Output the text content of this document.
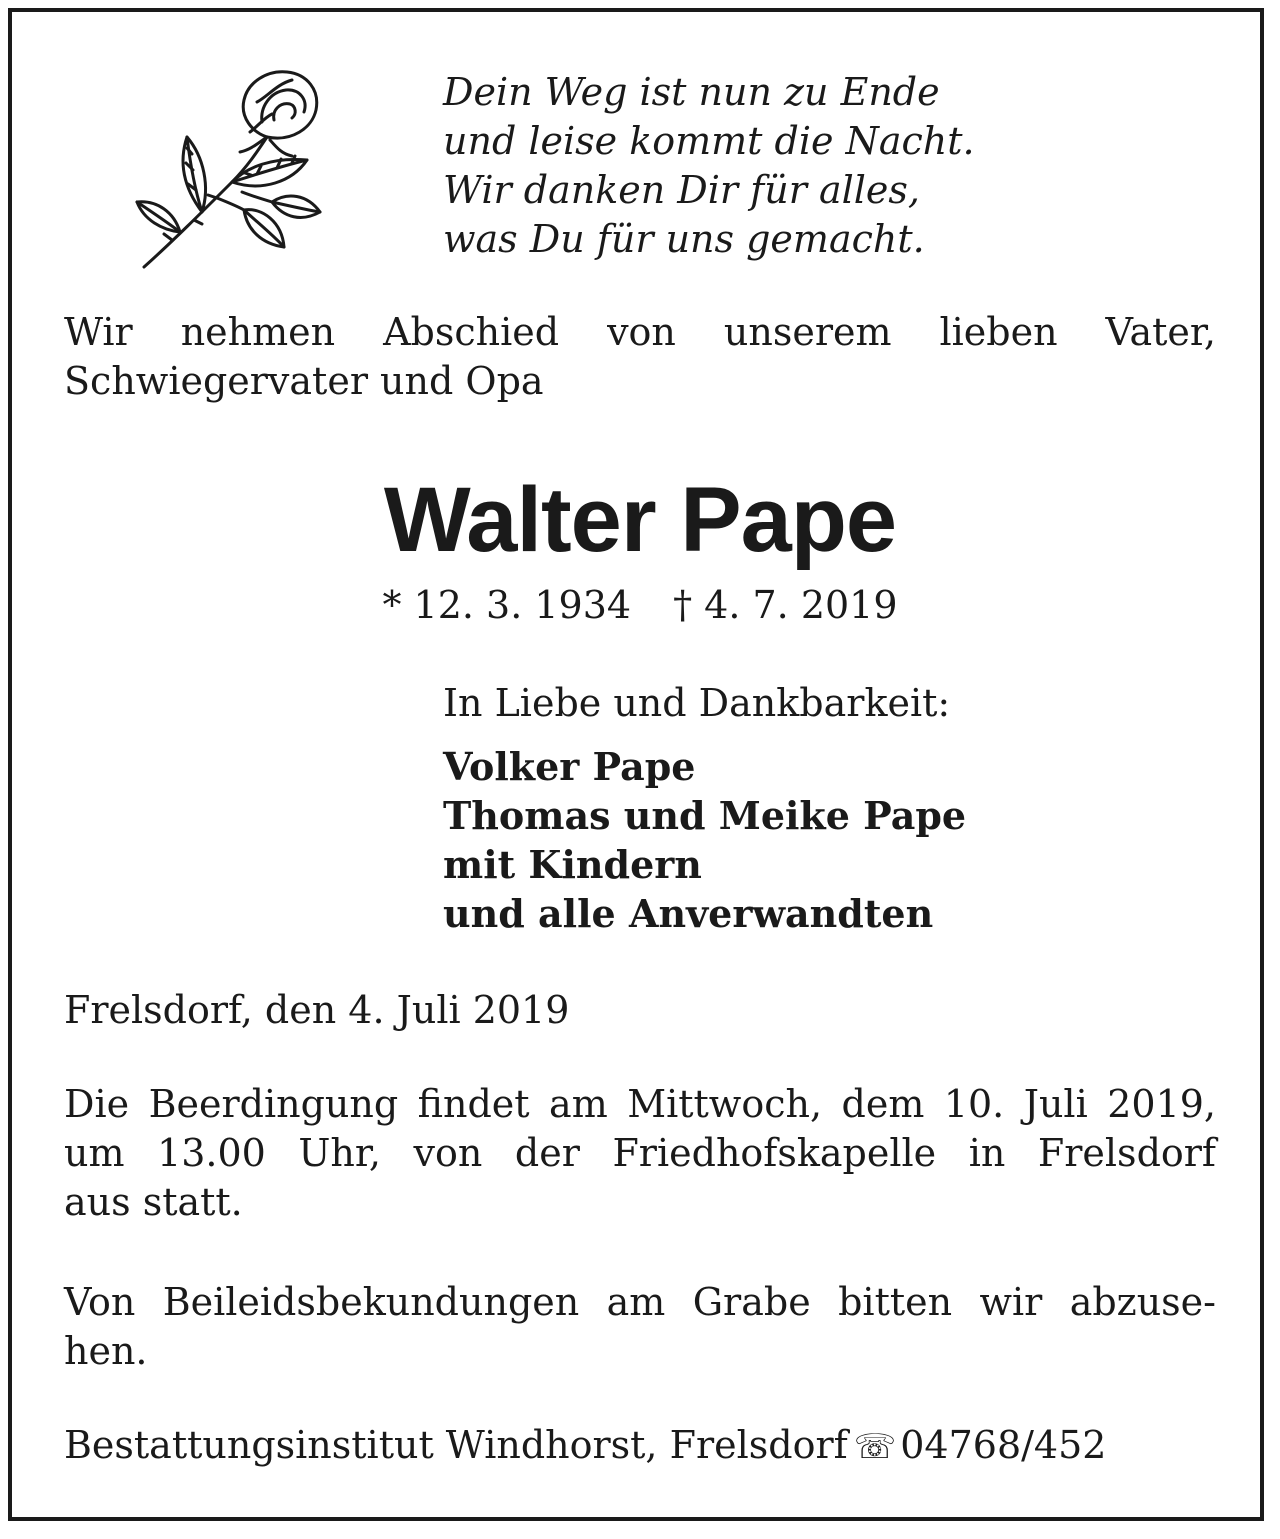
Dein Weg ist nun zu Ende
und leise kommt die Nacht.
Wir danken Dir für alles,
was Du für uns gemacht.
Wir nehmen Abschied von unserem lieben Vater,
Schwiegervater und Opa
Walter Pape
* 12. 3. 1934 † 4. 7. 2019
In Liebe und Dankbarkeit:
Volker Pape
Thomas und Meike Pape
mit Kindern
und alle Anverwandten
Frelsdorf, den 4. Juli 2019
Die Beerdingung findet am Mittwoch, dem 10. Juli 2019,
um 13.00 Uhr, von der Friedhofskapelle in Frelsdorf
aus statt.
Von Beileidsbekundungen am Grabe bitten wir abzuse-
hen.
Bestattungsinstitut Windhorst, Frelsdorf ☏ 04768/452
